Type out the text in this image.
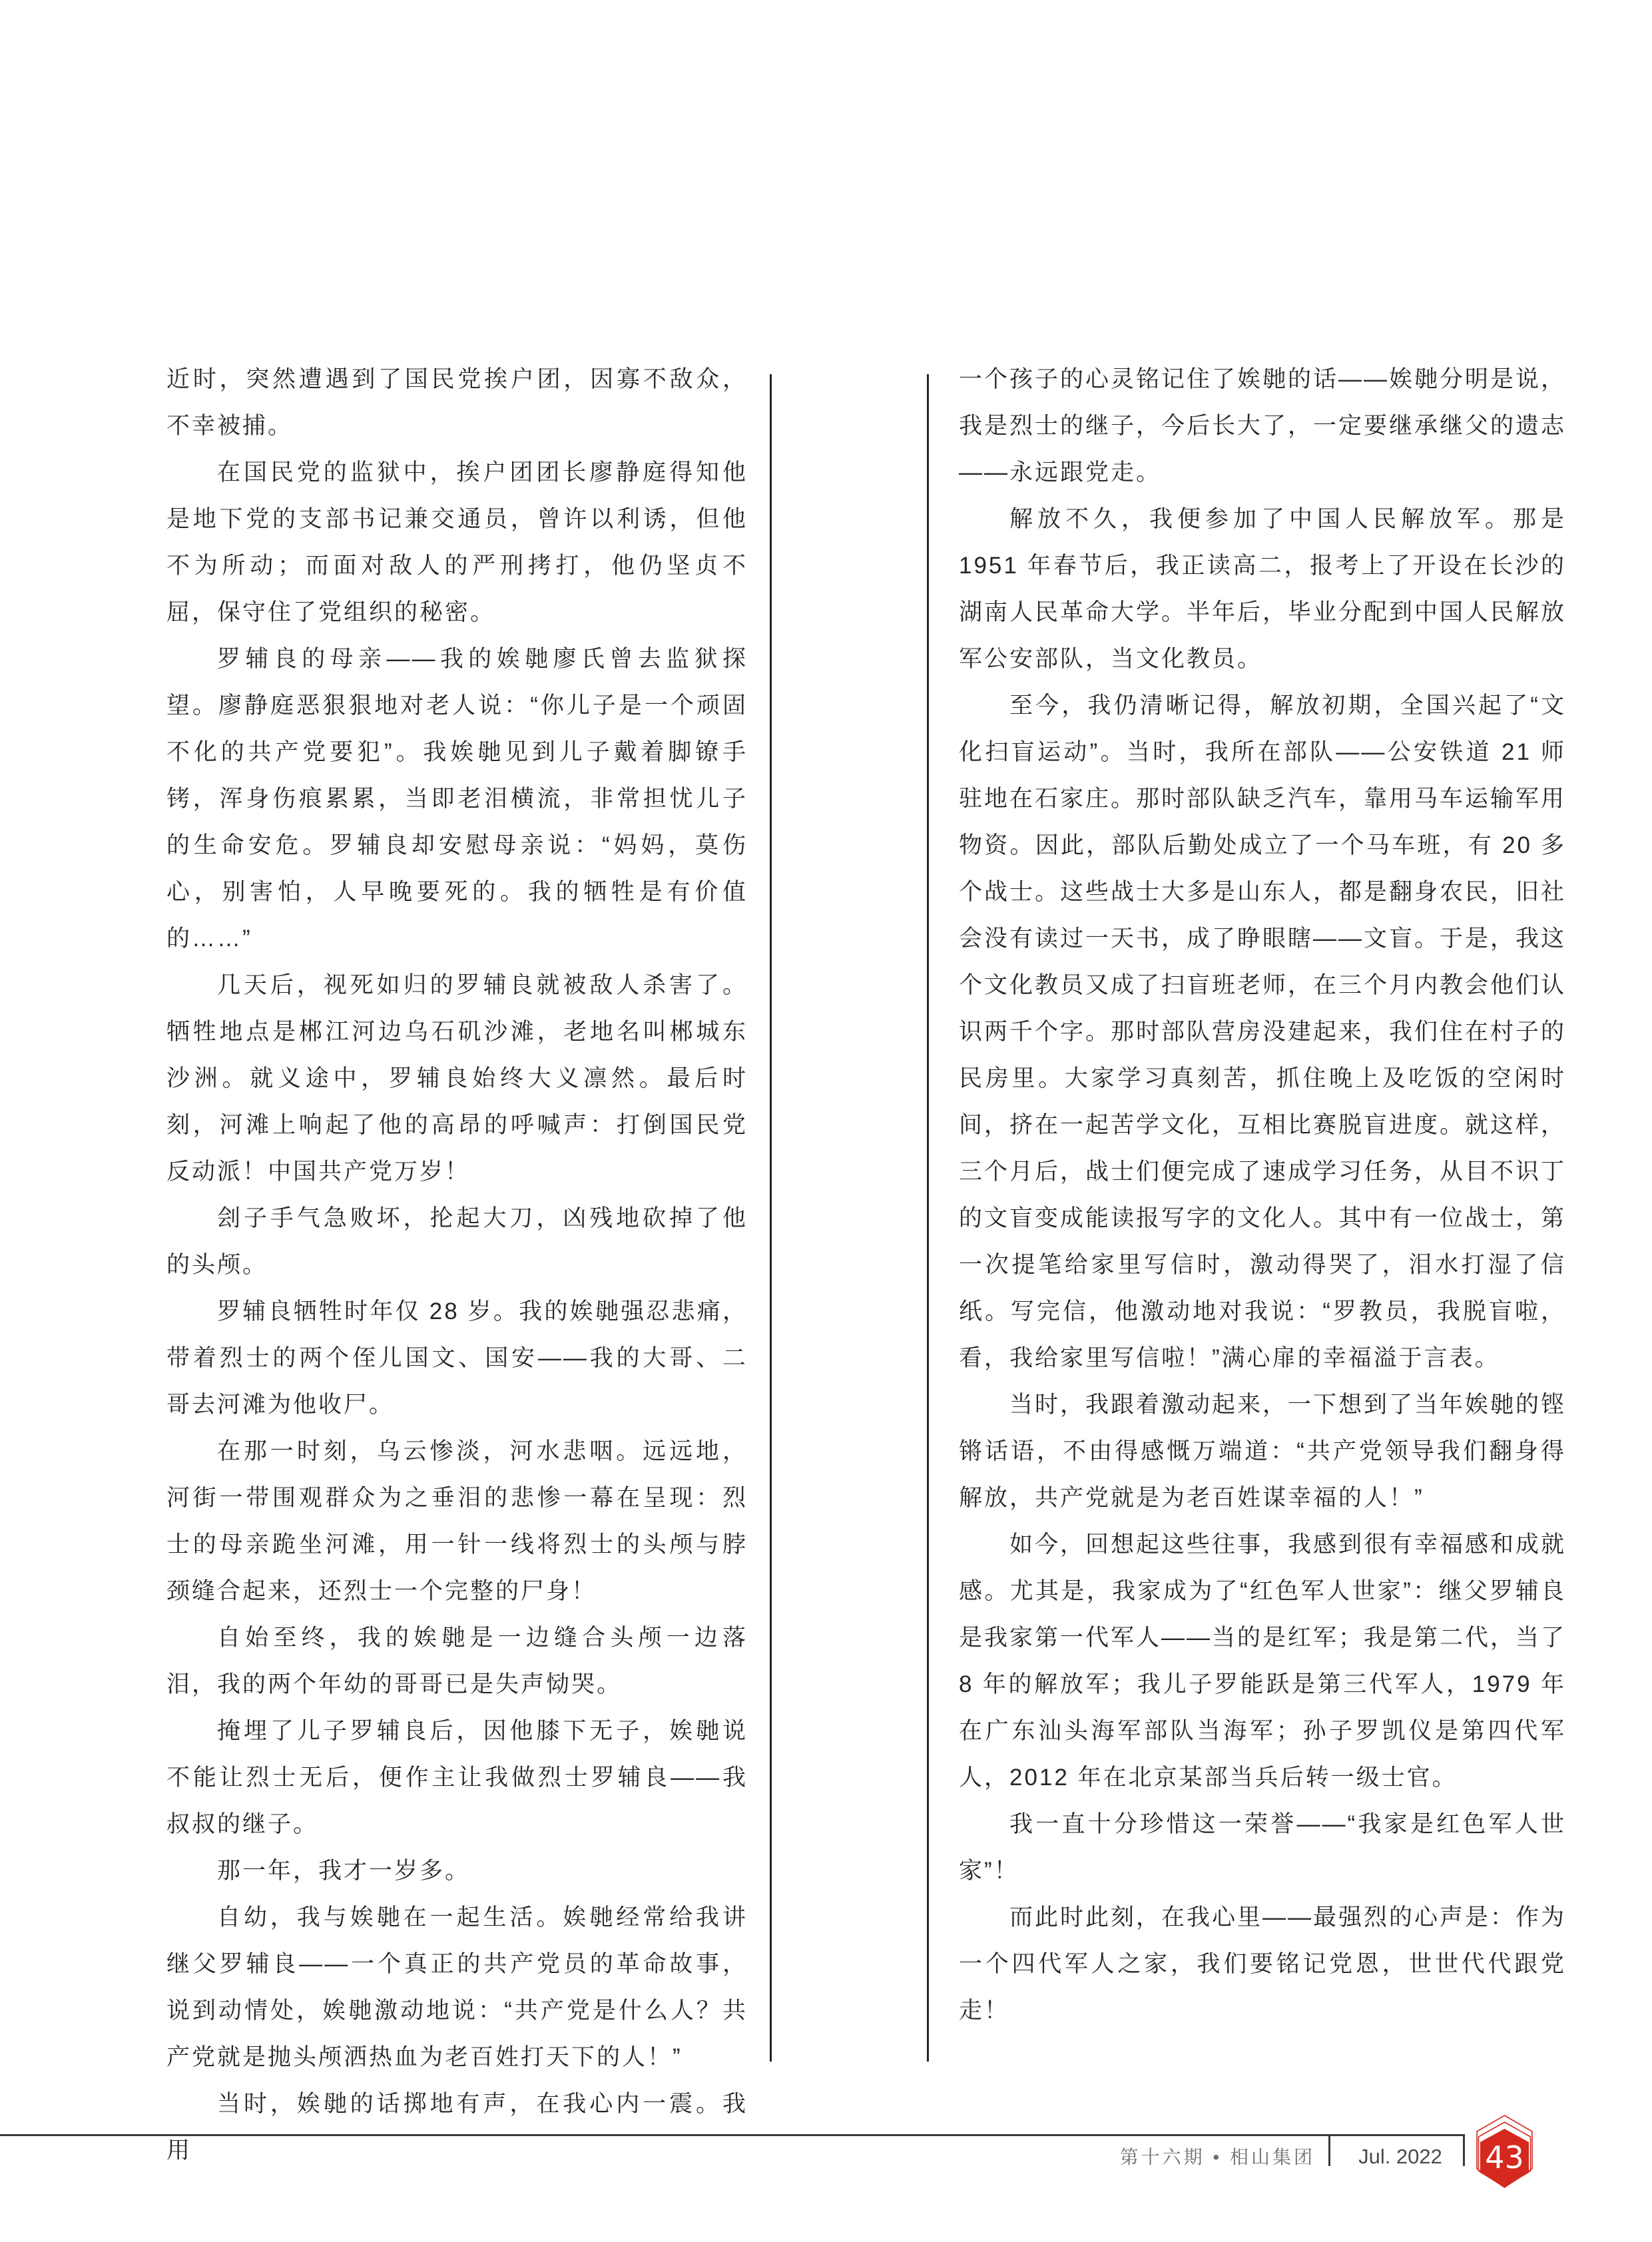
近时，突然遭遇到了国民党挨户团，因寡不敌众，不幸被捕。

在国民党的监狱中，挨户团团长廖静庭得知他是地下党的支部书记兼交通员，曾许以利诱，但他不为所动；而面对敌人的严刑拷打，他仍坚贞不屈，保守住了党组织的秘密。

罗辅良的母亲——我的娭毑廖氏曾去监狱探望。廖静庭恶狠狠地对老人说：“你儿子是一个顽固不化的共产党要犯”。我娭毑见到儿子戴着脚镣手铐，浑身伤痕累累，当即老泪横流，非常担忧儿子的生命安危。罗辅良却安慰母亲说：“妈妈，莫伤心，别害怕，人早晚要死的。我的牺牲是有价值的……”

几天后，视死如归的罗辅良就被敌人杀害了。牺牲地点是郴江河边乌石矶沙滩，老地名叫郴城东沙洲。就义途中，罗辅良始终大义凛然。最后时刻，河滩上响起了他的高昂的呼喊声：打倒国民党反动派！中国共产党万岁！

刽子手气急败坏，抡起大刀，凶残地砍掉了他的头颅。

罗辅良牺牲时年仅 28 岁。我的娭毑强忍悲痛，带着烈士的两个侄儿国文、国安——我的大哥、二哥去河滩为他收尸。

在那一时刻，乌云惨淡，河水悲咽。远远地，河街一带围观群众为之垂泪的悲惨一幕在呈现：烈士的母亲跪坐河滩，用一针一线将烈士的头颅与脖颈缝合起来，还烈士一个完整的尸身！

自始至终，我的娭毑是一边缝合头颅一边落泪，我的两个年幼的哥哥已是失声恸哭。

掩埋了儿子罗辅良后，因他膝下无子，娭毑说不能让烈士无后，便作主让我做烈士罗辅良——我叔叔的继子。

那一年，我才一岁多。

自幼，我与娭毑在一起生活。娭毑经常给我讲继父罗辅良——一个真正的共产党员的革命故事，说到动情处，娭毑激动地说：“共产党是什么人？共产党就是抛头颅洒热血为老百姓打天下的人！”

当时，娭毑的话掷地有声，在我心内一震。我用

一个孩子的心灵铭记住了娭毑的话——娭毑分明是说，我是烈士的继子，今后长大了，一定要继承继父的遗志——永远跟党走。

解放不久，我便参加了中国人民解放军。那是 1951 年春节后，我正读高二，报考上了开设在长沙的湖南人民革命大学。半年后，毕业分配到中国人民解放军公安部队，当文化教员。

至今，我仍清晰记得，解放初期，全国兴起了“文化扫盲运动”。当时，我所在部队——公安铁道 21 师驻地在石家庄。那时部队缺乏汽车，靠用马车运输军用物资。因此，部队后勤处成立了一个马车班，有 20 多个战士。这些战士大多是山东人，都是翻身农民，旧社会没有读过一天书，成了睁眼瞎——文盲。于是，我这个文化教员又成了扫盲班老师，在三个月内教会他们认识两千个字。那时部队营房没建起来，我们住在村子的民房里。大家学习真刻苦，抓住晚上及吃饭的空闲时间，挤在一起苦学文化，互相比赛脱盲进度。就这样，三个月后，战士们便完成了速成学习任务，从目不识丁的文盲变成能读报写字的文化人。其中有一位战士，第一次提笔给家里写信时，激动得哭了，泪水打湿了信纸。写完信，他激动地对我说：“罗教员，我脱盲啦，看，我给家里写信啦！”满心扉的幸福溢于言表。

当时，我跟着激动起来，一下想到了当年娭毑的铿锵话语，不由得感慨万端道：“共产党领导我们翻身得解放，共产党就是为老百姓谋幸福的人！”

如今，回想起这些往事，我感到很有幸福感和成就感。尤其是，我家成为了“红色军人世家”：继父罗辅良是我家第一代军人——当的是红军；我是第二代，当了 8 年的解放军；我儿子罗能跃是第三代军人，1979 年在广东汕头海军部队当海军；孙子罗凯仪是第四代军人，2012 年在北京某部当兵后转一级士官。

我一直十分珍惜这一荣誉——“我家是红色军人世家”！

而此时此刻，在我心里——最强烈的心声是：作为一个四代军人之家，我们要铭记党恩，世世代代跟党走！

第十六期 • 相山集团	Jul. 2022	43
